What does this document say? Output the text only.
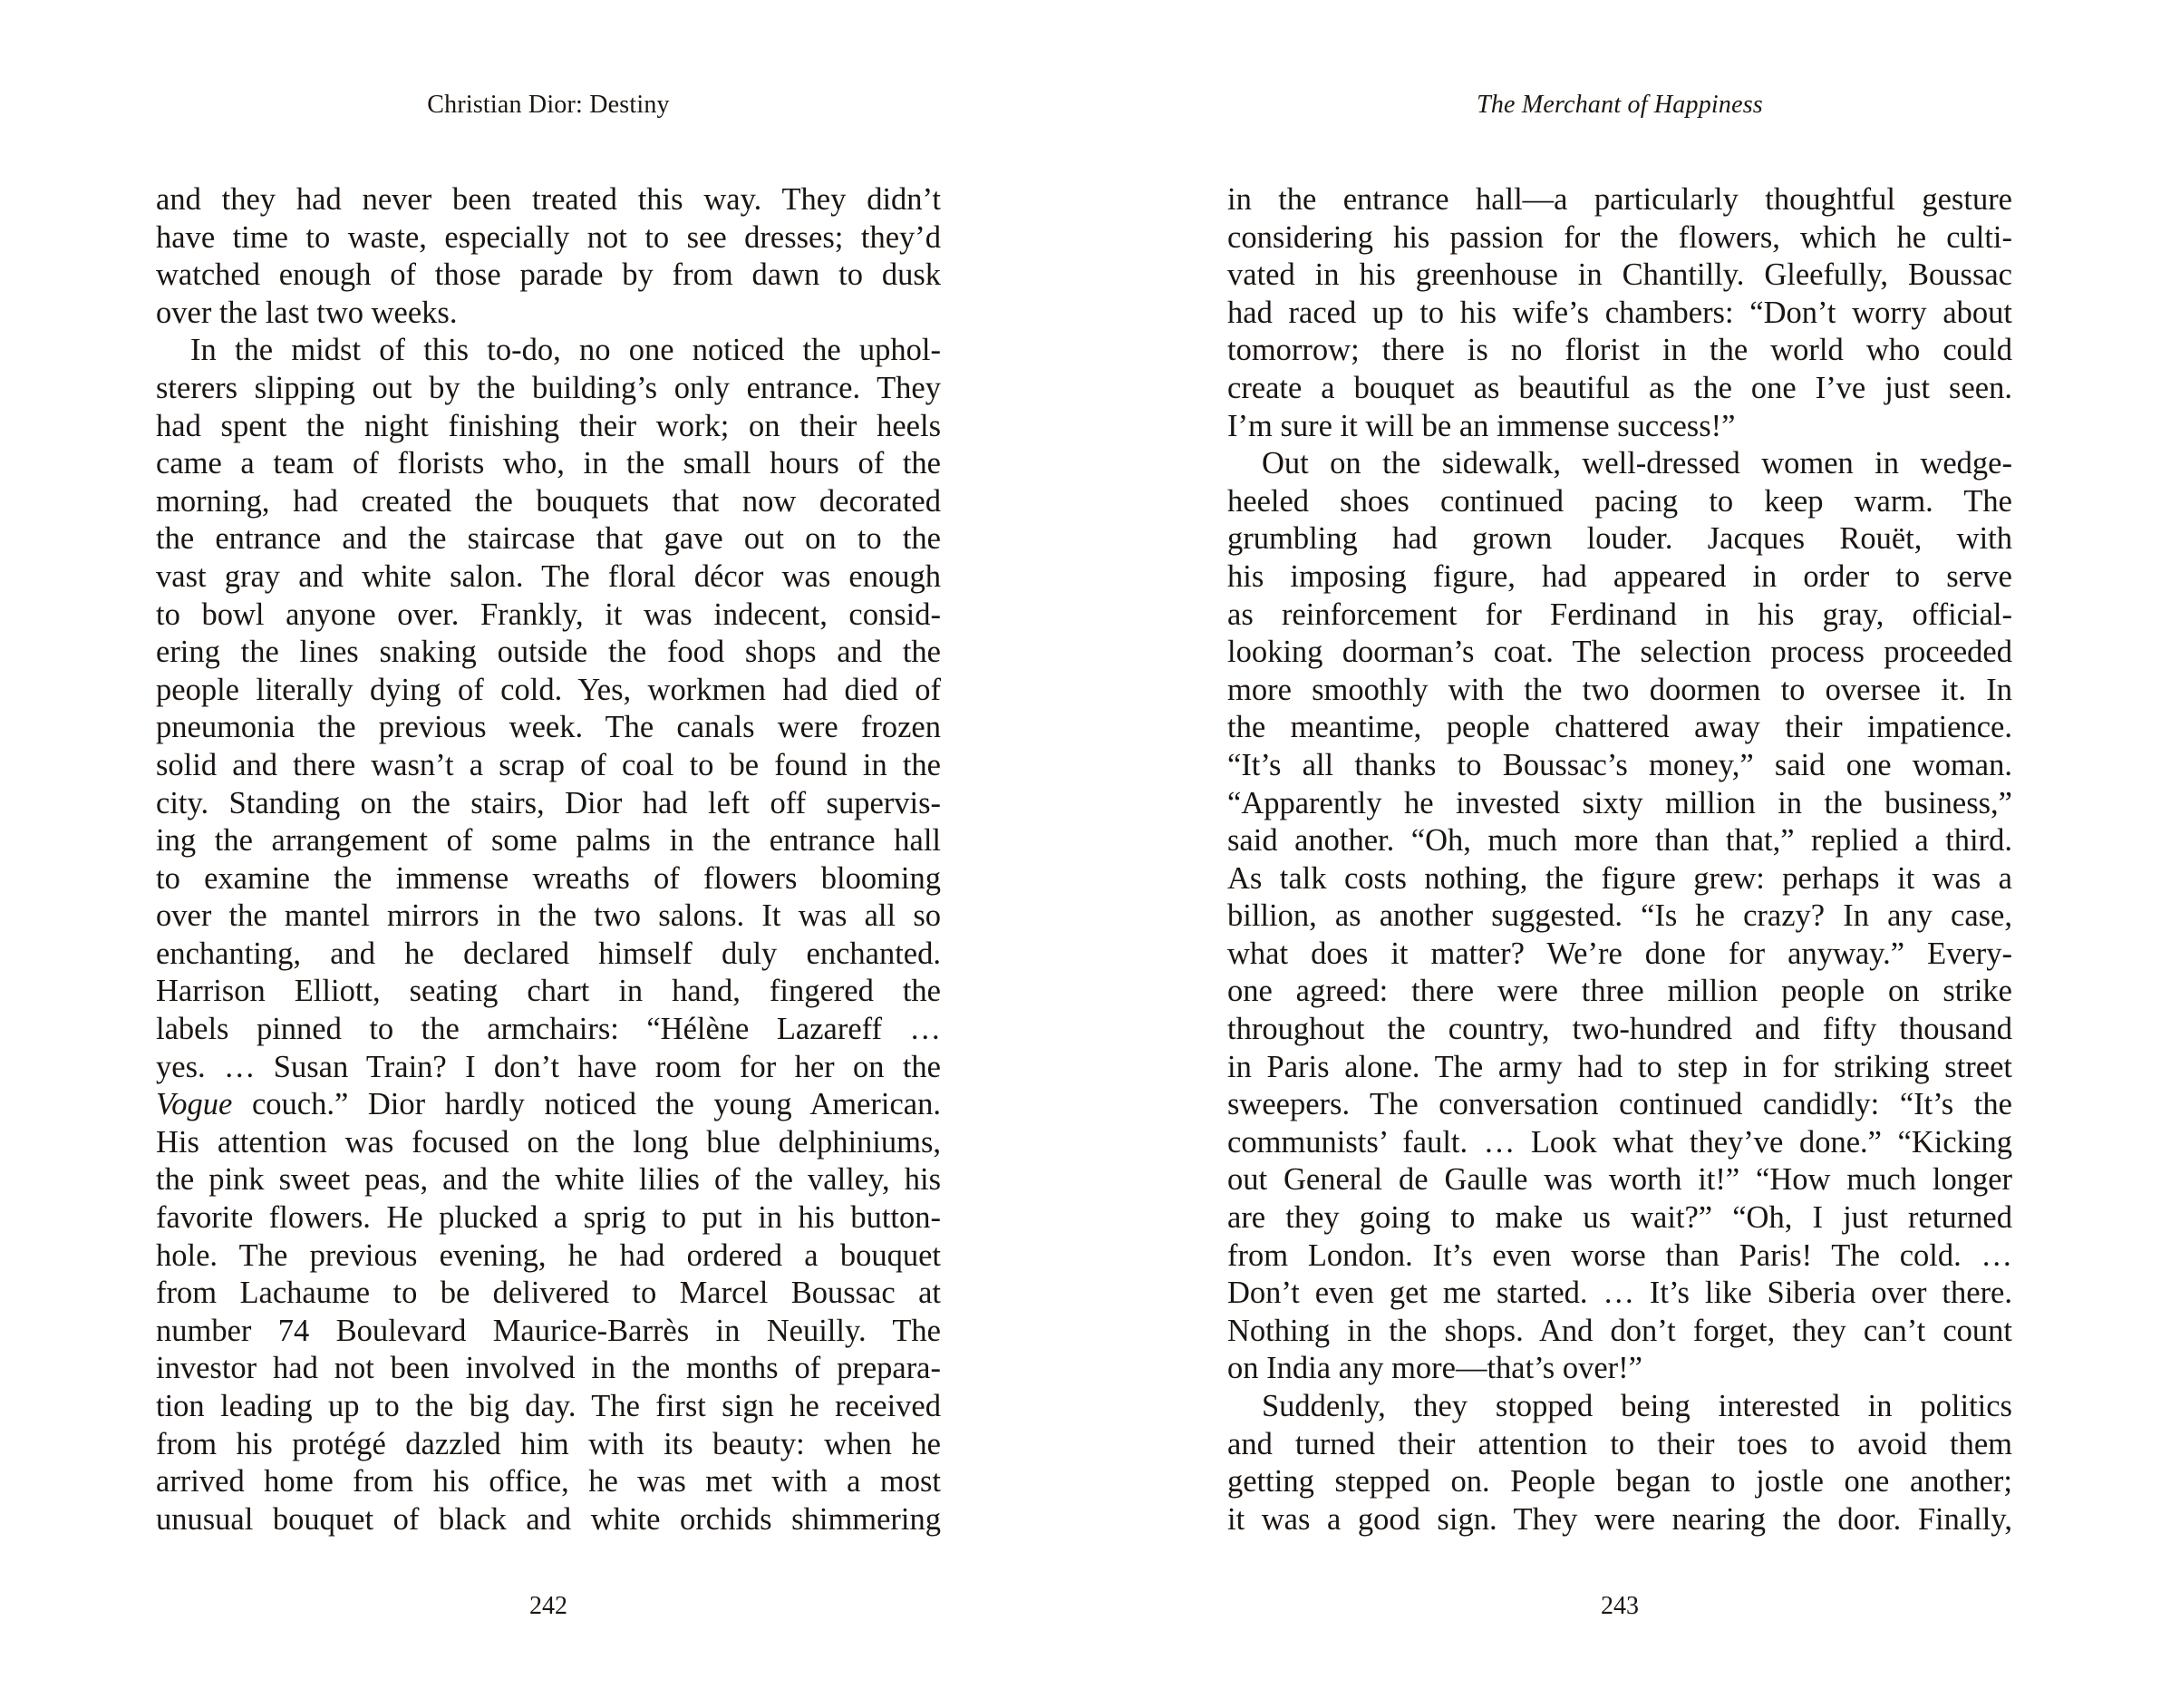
Christian Dior: Destiny
and they had never been treated this way. They didn’t
have time to waste, especially not to see dresses; they’d
watched enough of those parade by from dawn to dusk
over the last two weeks.
In the midst of this to-do, no one noticed the uphol-
sterers slipping out by the building’s only entrance. They
had spent the night finishing their work; on their heels
came a team of florists who, in the small hours of the
morning, had created the bouquets that now decorated
the entrance and the staircase that gave out on to the
vast gray and white salon. The floral décor was enough
to bowl anyone over. Frankly, it was indecent, consid-
ering the lines snaking outside the food shops and the
people literally dying of cold. Yes, workmen had died of
pneumonia the previous week. The canals were frozen
solid and there wasn’t a scrap of coal to be found in the
city. Standing on the stairs, Dior had left off supervis-
ing the arrangement of some palms in the entrance hall
to examine the immense wreaths of flowers blooming
over the mantel mirrors in the two salons. It was all so
enchanting, and he declared himself duly enchanted.
Harrison Elliott, seating chart in hand, fingered the
labels pinned to the armchairs: “Hélène Lazareff …
yes. … Susan Train? I don’t have room for her on the
Vogue couch.” Dior hardly noticed the young American.
His attention was focused on the long blue delphiniums,
the pink sweet peas, and the white lilies of the valley, his
favorite flowers. He plucked a sprig to put in his button-
hole. The previous evening, he had ordered a bouquet
from Lachaume to be delivered to Marcel Boussac at
number 74 Boulevard Maurice-Barrès in Neuilly. The
investor had not been involved in the months of prepara-
tion leading up to the big day. The first sign he received
from his protégé dazzled him with its beauty: when he
arrived home from his office, he was met with a most
unusual bouquet of black and white orchids shimmering
242
The Merchant of Happiness
in the entrance hall—a particularly thoughtful gesture
considering his passion for the flowers, which he culti-
vated in his greenhouse in Chantilly. Gleefully, Boussac
had raced up to his wife’s chambers: “Don’t worry about
tomorrow; there is no florist in the world who could
create a bouquet as beautiful as the one I’ve just seen.
I’m sure it will be an immense success!”
Out on the sidewalk, well-dressed women in wedge-
heeled shoes continued pacing to keep warm. The
grumbling had grown louder. Jacques Rouët, with
his imposing figure, had appeared in order to serve
as reinforcement for Ferdinand in his gray, official-
looking doorman’s coat. The selection process proceeded
more smoothly with the two doormen to oversee it. In
the meantime, people chattered away their impatience.
“It’s all thanks to Boussac’s money,” said one woman.
“Apparently he invested sixty million in the business,”
said another. “Oh, much more than that,” replied a third.
As talk costs nothing, the figure grew: perhaps it was a
billion, as another suggested. “Is he crazy? In any case,
what does it matter? We’re done for anyway.” Every-
one agreed: there were three million people on strike
throughout the country, two-hundred and fifty thousand
in Paris alone. The army had to step in for striking street
sweepers. The conversation continued candidly: “It’s the
communists’ fault. … Look what they’ve done.” “Kicking
out General de Gaulle was worth it!” “How much longer
are they going to make us wait?” “Oh, I just returned
from London. It’s even worse than Paris! The cold. …
Don’t even get me started. … It’s like Siberia over there.
Nothing in the shops. And don’t forget, they can’t count
on India any more—that’s over!”
Suddenly, they stopped being interested in politics
and turned their attention to their toes to avoid them
getting stepped on. People began to jostle one another;
it was a good sign. They were nearing the door. Finally,
243
